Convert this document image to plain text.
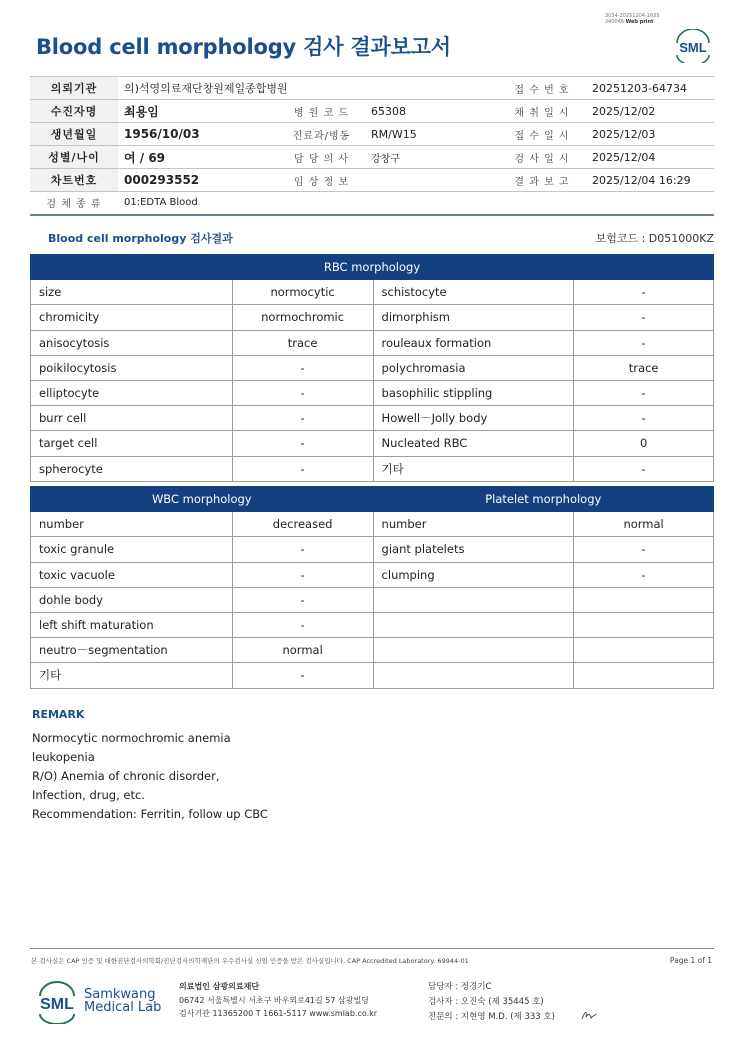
3034-20251204-1635
240046 Web print
Blood cell morphology 검사 결과보고서	SML
의뢰기관	의)석영의료재단창원제일종합병원			접 수 번 호	20251203-64734
수진자명	최용임	병 원 코 드	65308	채 취 일 시	2025/12/02
생년월일	1956/10/03	진료과/병동	RM/W15	접 수 일 시	2025/12/03
성별/나이	여 / 69	담 당 의 사	강창구	검 사 일 시	2025/12/04
차트번호	000293552	임 상 정 보		결 과 보 고	2025/12/04 16:29
검 체 종 류	01:EDTA Blood				
Blood cell morphology 검사결과	보험코드 : D051000KZ
RBC morphology			
size	normocytic	schistocyte	-
chromicity	normochromic	dimorphism	-
anisocytosis	trace	rouleaux formation	-
poikilocytosis	-	polychromasia	trace
elliptocyte	-	basophilic stippling	-
burr cell	-	Howell－Jolly body	-
target cell	-	Nucleated RBC	0
spherocyte	-	기타	-
WBC morphology		Platelet morphology	
number	decreased	number	normal
toxic granule	-	giant platelets	-
toxic vacuole	-	clumping	-
dohle body	-		
left shift maturation	-		
neutro－segmentation	normal		
기타	-		
REMARK
Normocytic normochromic anemia
leukopenia
R/O) Anemia of chronic disorder,
Infection, drug, etc.
Recommendation: Ferritin, follow up CBC
본 검사실은 CAP 인증 및 대한진단검사의학회/진단검사의학재단의 우수검사실 신임 인증을 받은 검사실입니다. CAP Accredited Laboratory. 69944-01	Page 1 of 1
SML
Samkwang
Medical Lab
의료법인 삼광의료재단
06742 서울특별시 서초구 바우뫼로41길 57 삼광빌딩
검사기관 11365200 T 1661-5117 www.smlab.co.kr
담당자 : 정경기C
검사자 : 오진숙 (제 35445 호)
전문의 : 지현영 M.D. (제 333 호)
